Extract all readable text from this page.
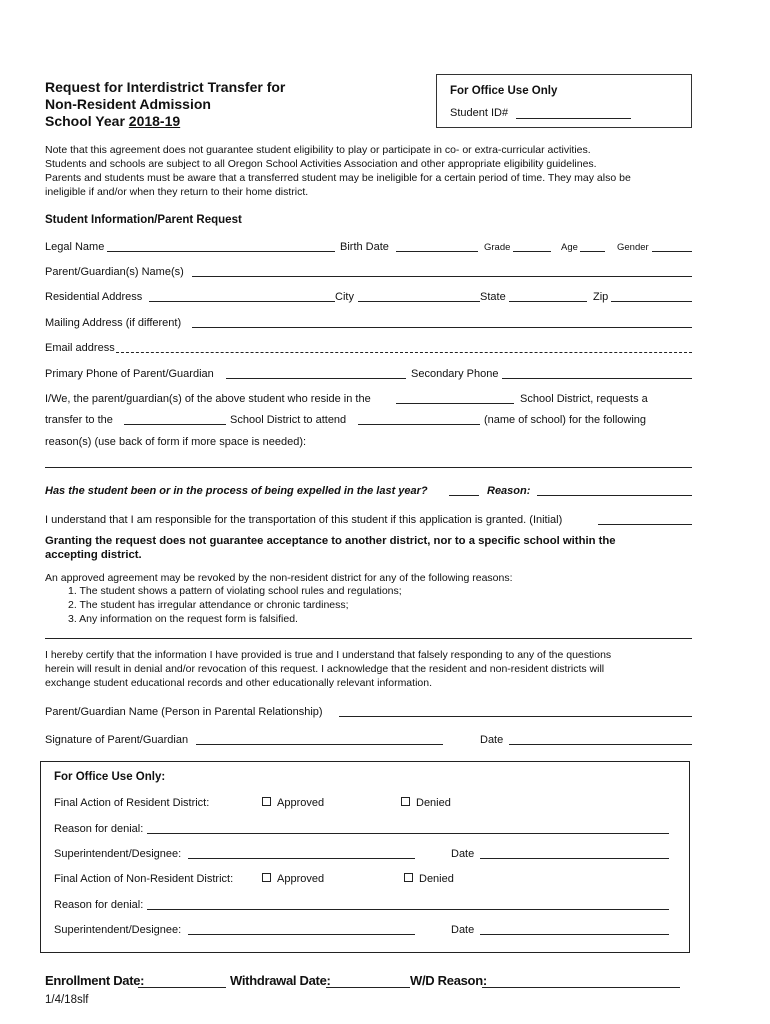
Request for Interdistrict Transfer for
Non-Resident Admission
School Year 2018-19
For Office Use Only
Student ID#
Note that this agreement does not guarantee student eligibility to play or participate in co- or extra-curricular activities.
Students and schools are subject to all Oregon School Activities Association and other appropriate eligibility guidelines.
Parents and students must be aware that a transferred student may be ineligible for a certain period of time. They may also be
ineligible if and/or when they return to their home district.
Student Information/Parent Request
Legal Name	Birth Date	Grade	Age	Gender
Parent/Guardian(s) Name(s)
Residential Address	City	State	Zip
Mailing Address (if different)
Email address
Primary Phone of Parent/Guardian	Secondary Phone
I/We, the parent/guardian(s) of the above student who reside in the	School District, requests a
transfer to the	School District to attend	(name of school) for the following
reason(s) (use back of form if more space is needed):
Has the student been or in the process of being expelled in the last year?	Reason:
I understand that I am responsible for the transportation of this student if this application is granted. (Initial)
Granting the request does not guarantee acceptance to another district, nor to a specific school within the
accepting district.
An approved agreement may be revoked by the non-resident district for any of the following reasons:
1. The student shows a pattern of violating school rules and regulations;
2. The student has irregular attendance or chronic tardiness;
3. Any information on the request form is falsified.
I hereby certify that the information I have provided is true and I understand that falsely responding to any of the questions
herein will result in denial and/or revocation of this request. I acknowledge that the resident and non-resident districts will
exchange student educational records and other educationally relevant information.
Parent/Guardian Name (Person in Parental Relationship)
Signature of Parent/Guardian	Date
For Office Use Only:
Final Action of Resident District:	Approved	Denied
Reason for denial:
Superintendent/Designee:	Date
Final Action of Non-Resident District:	Approved	Denied
Reason for denial:
Superintendent/Designee:	Date
Enrollment Date:	Withdrawal Date:	W/D Reason:
1/4/18slf
